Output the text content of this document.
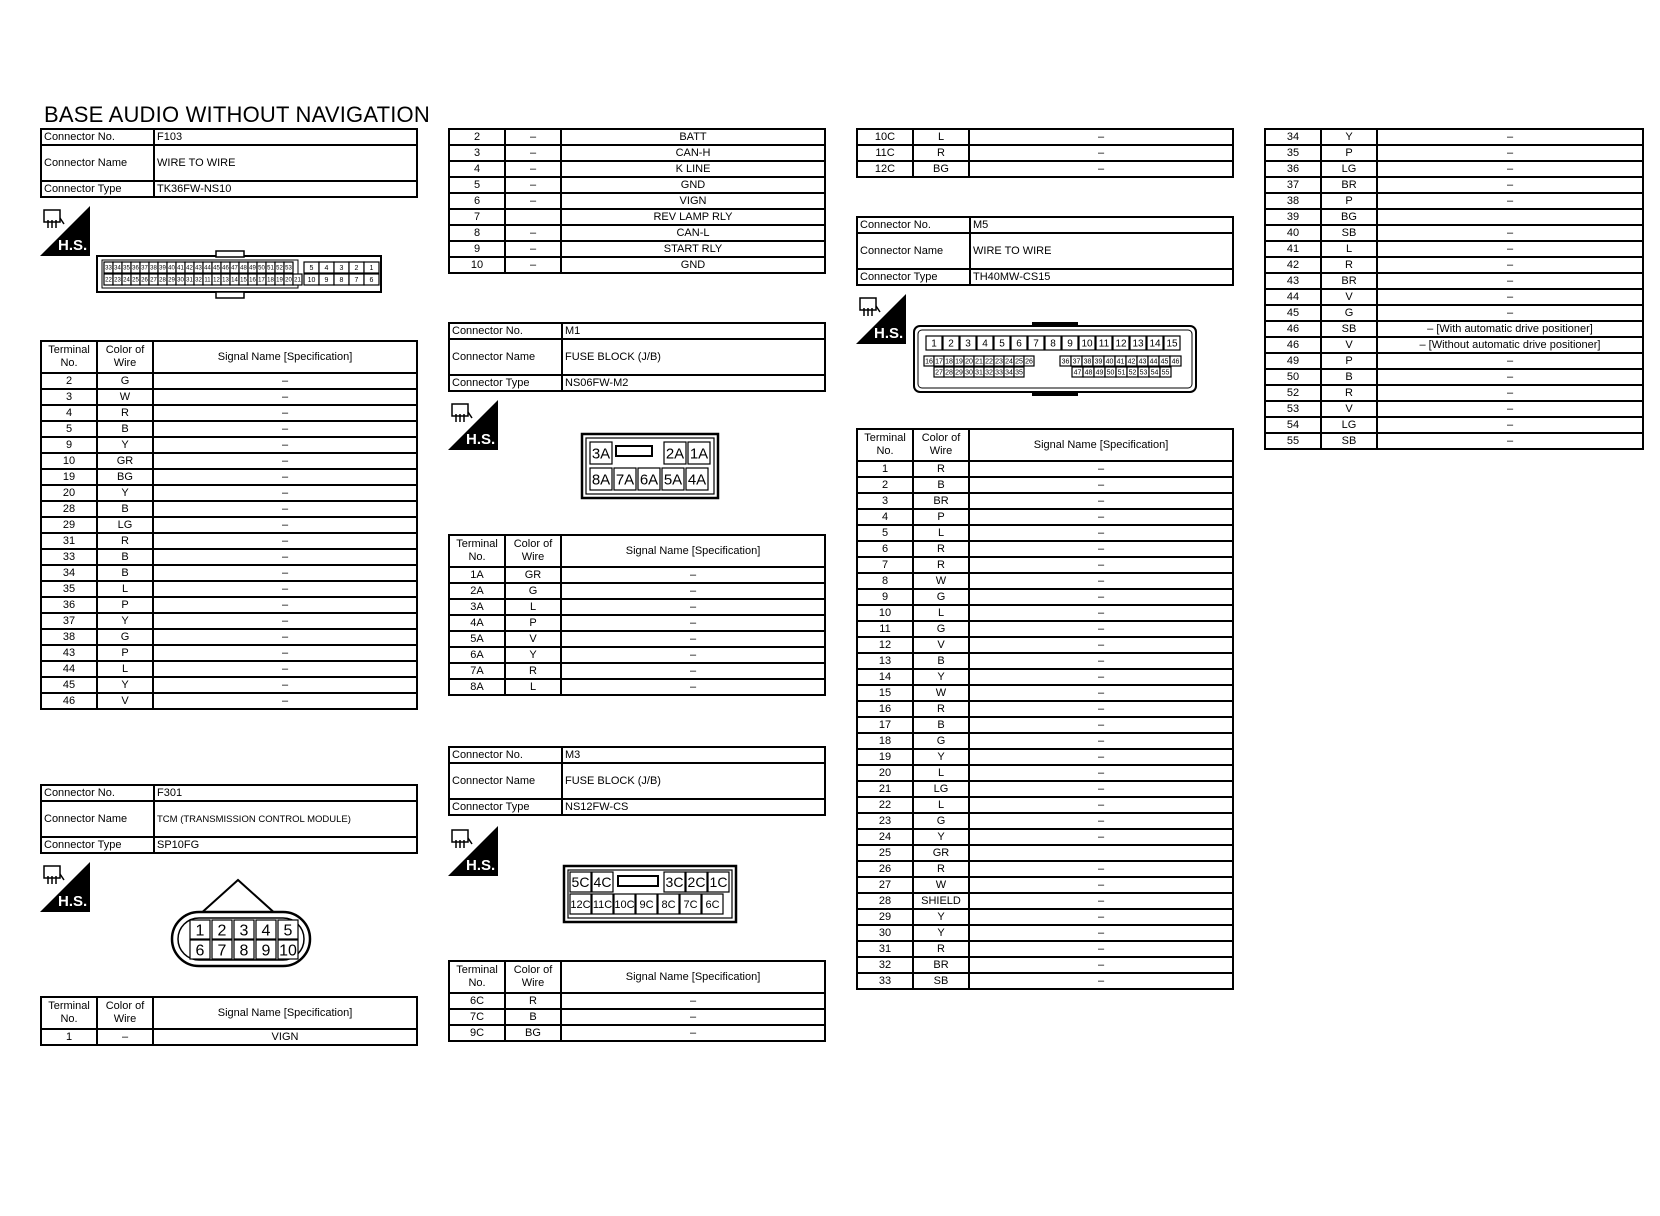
BASE AUDIO WITHOUT NAVIGATION
Connector No.	F103
Connector Name	WIRE TO WIRE
Connector Type	TK36FW-NS10
H.S.
33 34 35 36 37 38 39 40 41 42 43 44 45 46 47 48 49 50 51 52 53
22 23 24 25 26 27 28 29 30 31 32 11 12 13 14 15 16 17 18 19 20 21
5 4 3 2 1
10 9 8 7 6
Terminal No.	Color of Wire	Signal Name [Specification]
2	G	–
3	W	–
4	R	–
5	B	–
9	Y	–
10	GR	–
19	BG	–
20	Y	–
28	B	–
29	LG	–
31	R	–
33	B	–
34	B	–
35	L	–
36	P	–
37	Y	–
38	G	–
43	P	–
44	L	–
45	Y	–
46	V	–
Connector No.	F301
Connector Name	TCM (TRANSMISSION CONTROL MODULE)
Connector Type	SP10FG
H.S.
1 2 3 4 5
6 7 8 9 10
Terminal No.	Color of Wire	Signal Name [Specification]
1	–	VIGN
2	–	BATT
3	–	CAN-H
4	–	K LINE
5	–	GND
6	–	VIGN
7		REV LAMP RLY
8	–	CAN-L
9	–	START RLY
10	–	GND
Connector No.	M1
Connector Name	FUSE BLOCK (J/B)
Connector Type	NS06FW-M2
H.S.
3A	2A 1A
8A 7A 6A 5A 4A
Terminal No.	Color of Wire	Signal Name [Specification]
1A	GR	–
2A	G	–
3A	L	–
4A	P	–
5A	V	–
6A	Y	–
7A	R	–
8A	L	–
Connector No.	M3
Connector Name	FUSE BLOCK (J/B)
Connector Type	NS12FW-CS
H.S.
5C 4C	3C 2C 1C
12C 11C 10C 9C 8C 7C 6C
Terminal No.	Color of Wire	Signal Name [Specification]
6C	R	–
7C	B	–
9C	BG	–
10C	L	–
11C	R	–
12C	BG	–
Connector No.	M5
Connector Name	WIRE TO WIRE
Connector Type	TH40MW-CS15
H.S.
1 2 3 4 5 6 7 8 9 10 11 12 13 14 15
16 17 18 19 20 21 22 23 24 25 26	36 37 38 39 40 41 42 43 44 45 46
27 28 29 30 31 32 33 34 35	47 48 49 50 51 52 53 54 55
Terminal No.	Color of Wire	Signal Name [Specification]
1	R	–
2	B	–
3	BR	–
4	P	–
5	L	–
6	R	–
7	R	–
8	W	–
9	G	–
10	L	–
11	G	–
12	V	–
13	B	–
14	Y	–
15	W	–
16	R	–
17	B	–
18	G	–
19	Y	–
20	L	–
21	LG	–
22	L	–
23	G	–
24	Y	–
25	GR	
26	R	–
27	W	–
28	SHIELD	–
29	Y	–
30	Y	–
31	R	–
32	BR	–
33	SB	–
34	Y	–
35	P	–
36	LG	–
37	BR	–
38	P	–
39	BG	
40	SB	–
41	L	–
42	R	–
43	BR	–
44	V	–
45	G	–
46	SB	– [With automatic drive positioner]
46	V	– [Without automatic drive positioner]
49	P	–
50	B	–
52	R	–
53	V	–
54	LG	–
55	SB	–
